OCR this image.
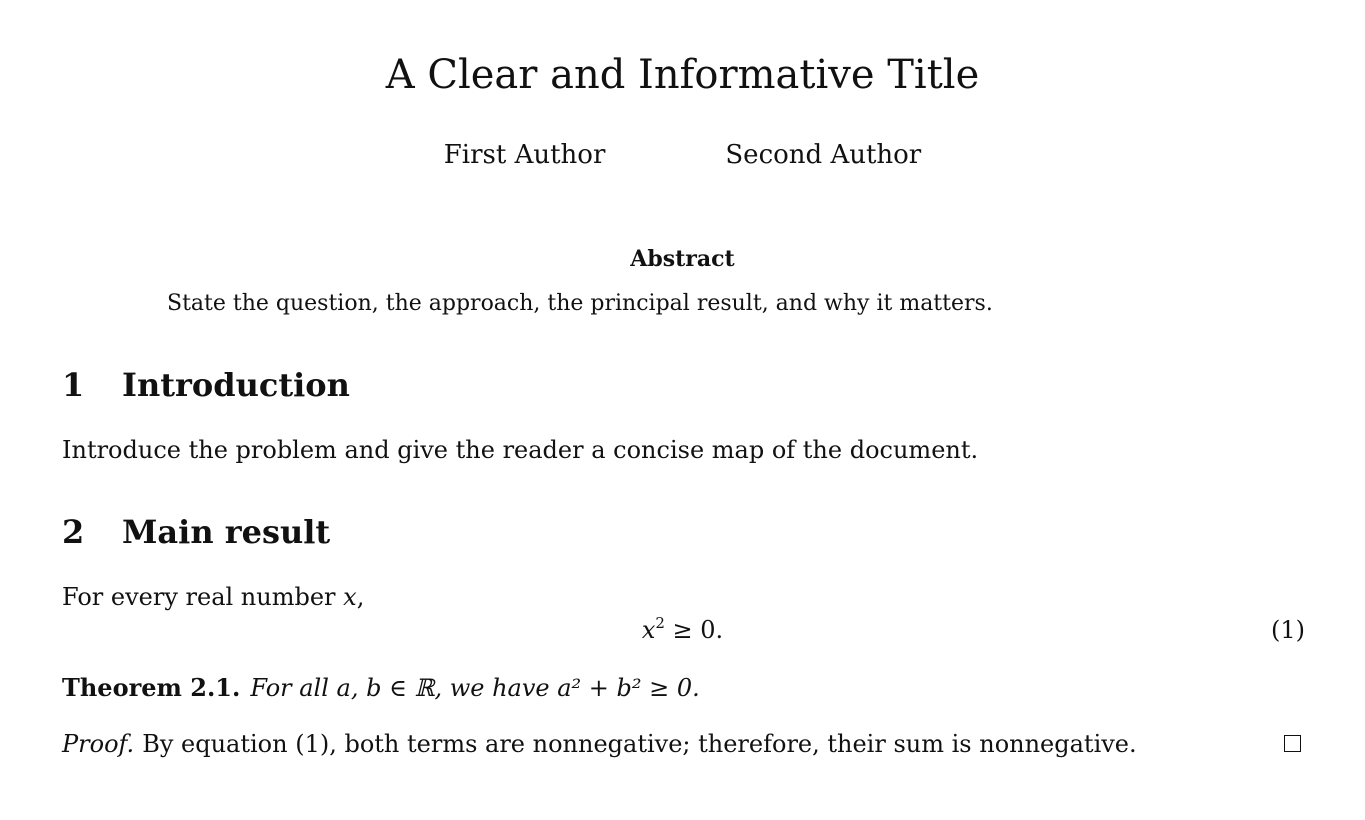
A Clear and Informative Title
First Author	Second Author
Abstract
State the question, the approach, the principal result, and why it matters.
1 Introduction
Introduce the problem and give the reader a concise map of the document.
2 Main result
For every real number x,
$x^2 \ge 0$.	(1)
Theorem 2.1. For all a, b ∈ ℝ, we have a² + b² ≥ 0.
Proof. By equation (1), both terms are nonnegative; therefore, their sum is nonnegative.
